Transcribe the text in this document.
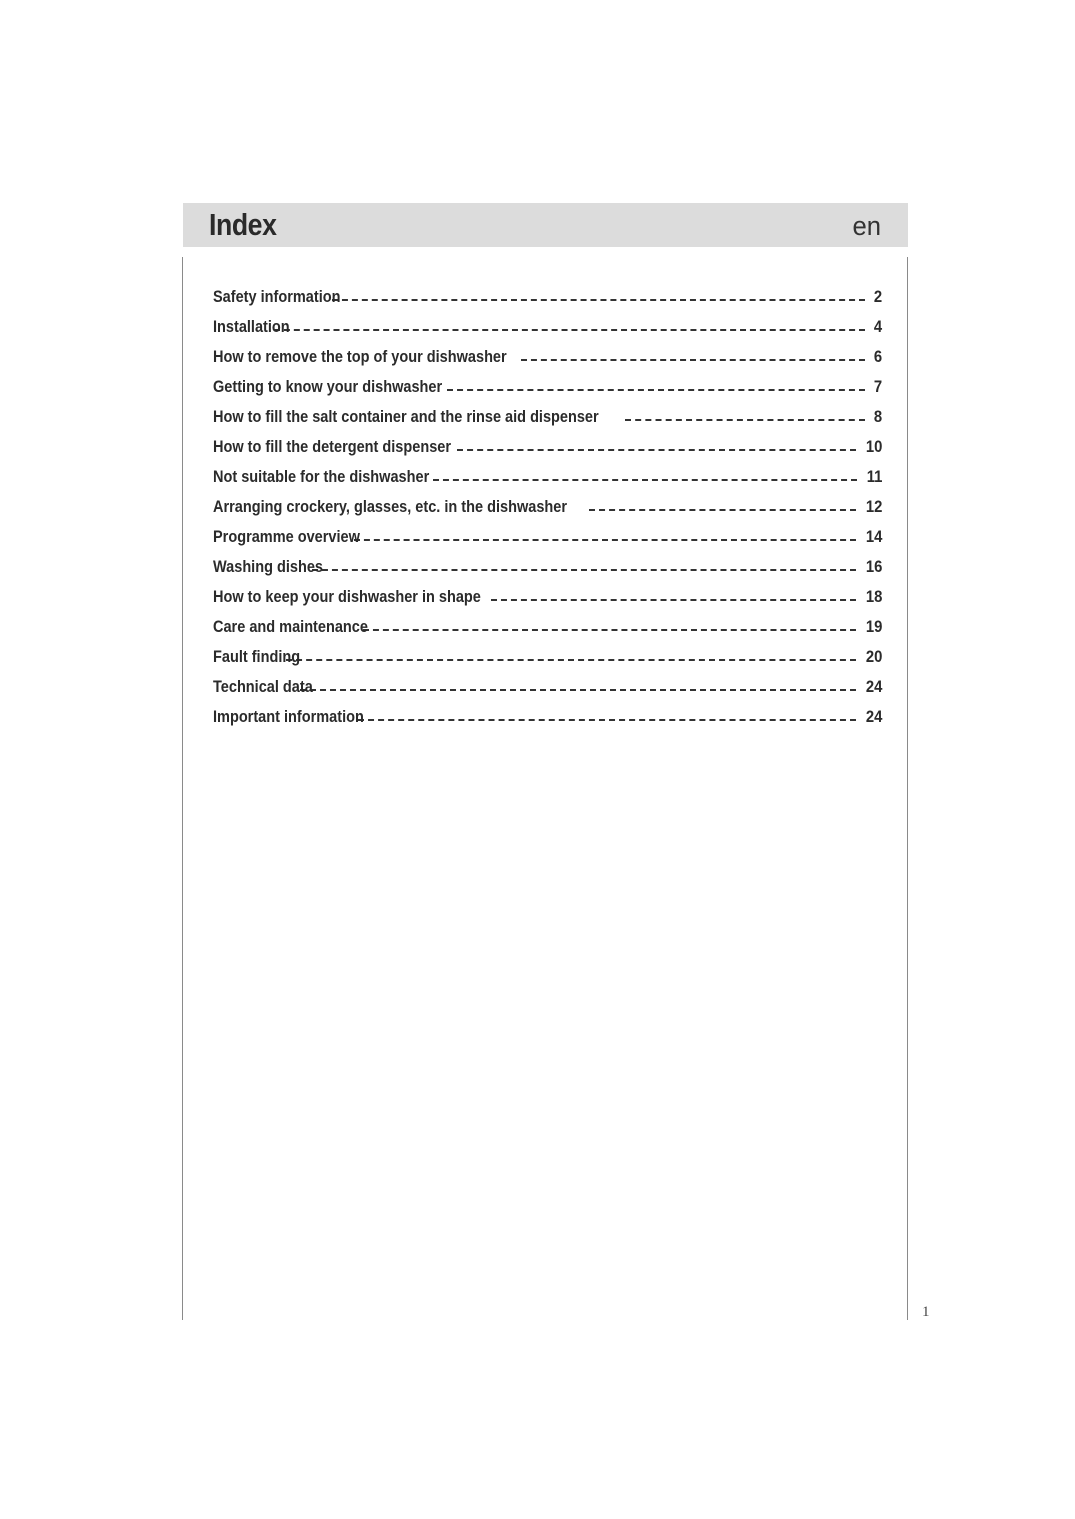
Index	en
Safety information	2
Installation	4
How to remove the top of your dishwasher	6
Getting to know your dishwasher	7
How to fill the salt container and the rinse aid dispenser	8
How to fill the detergent dispenser	10
Not suitable for the dishwasher	11
Arranging crockery, glasses, etc. in the dishwasher	12
Programme overview	14
Washing dishes	16
How to keep your dishwasher in shape	18
Care and maintenance	19
Fault finding	20
Technical data	24
Important information	24
1
